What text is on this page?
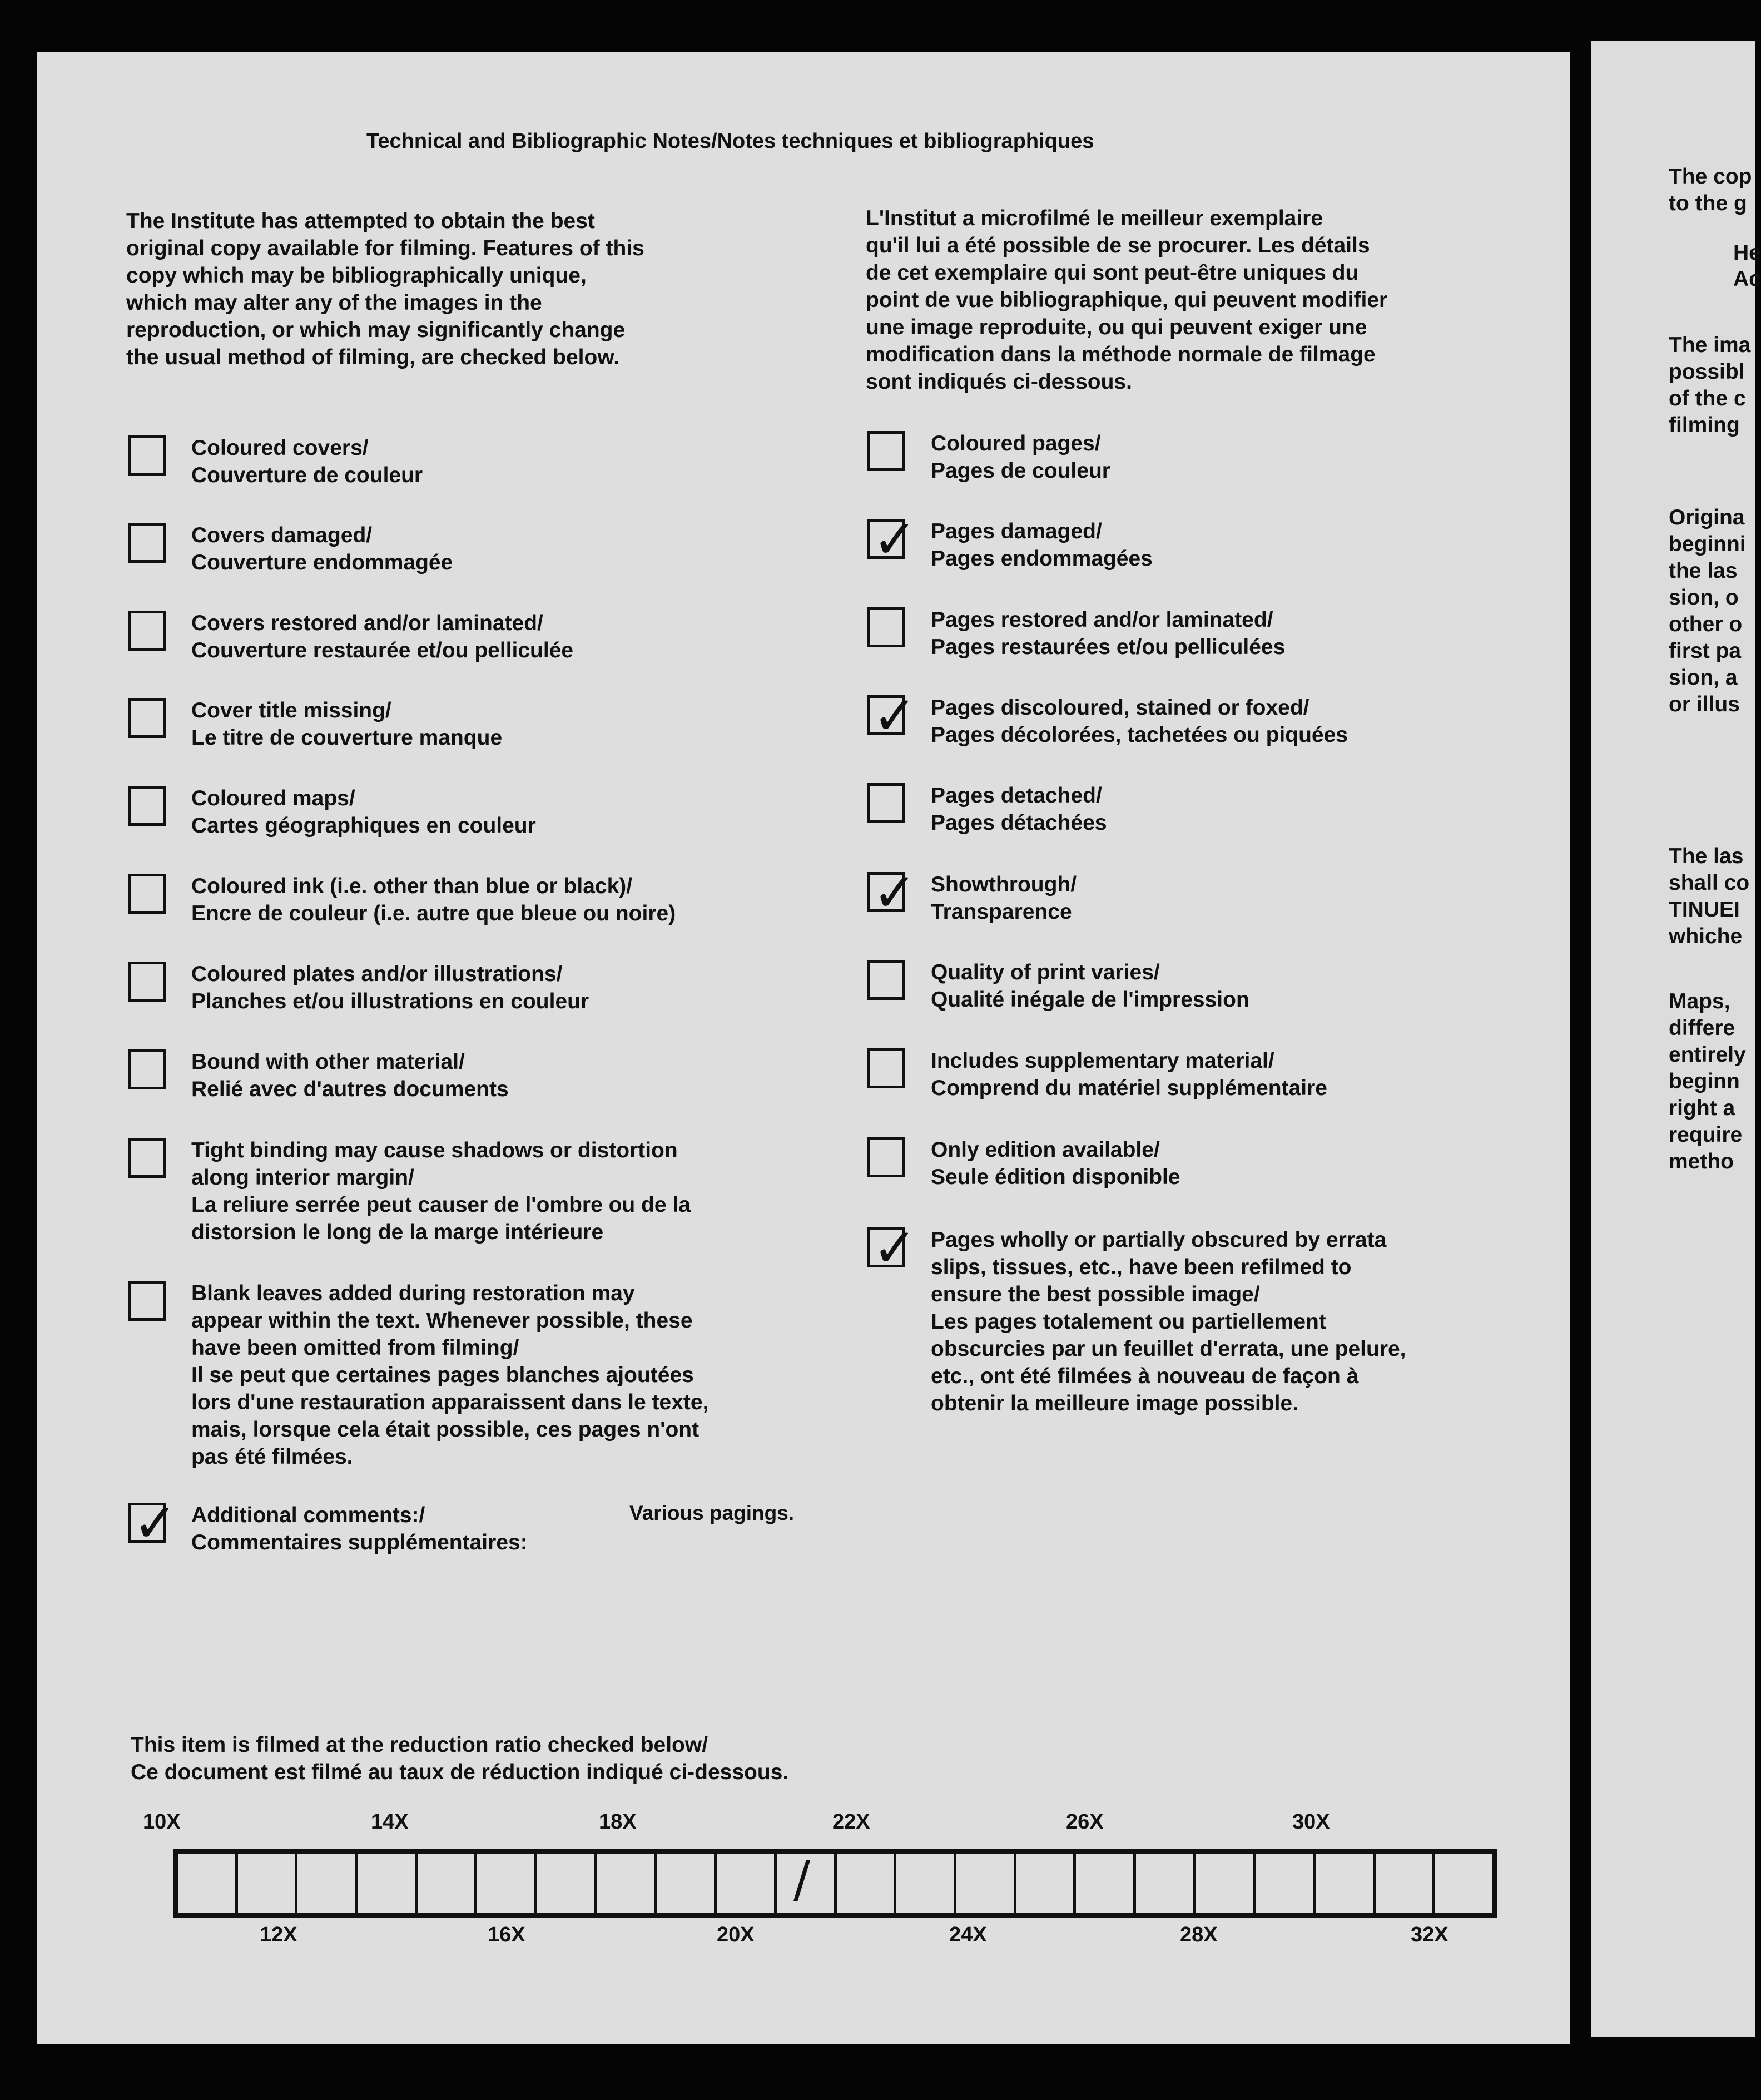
Technical and Bibliographic Notes/Notes techniques et bibliographiques
The Institute has attempted to obtain the best
original copy available for filming. Features of this
copy which may be bibliographically unique,
which may alter any of the images in the
reproduction, or which may significantly change
the usual method of filming, are checked below.
L'Institut a microfilmé le meilleur exemplaire
qu'il lui a été possible de se procurer. Les détails
de cet exemplaire qui sont peut-être uniques du
point de vue bibliographique, qui peuvent modifier
une image reproduite, ou qui peuvent exiger une
modification dans la méthode normale de filmage
sont indiqués ci-dessous.
Coloured covers/
Couverture de couleur
Covers damaged/
Couverture endommagée
Covers restored and/or laminated/
Couverture restaurée et/ou pelliculée
Cover title missing/
Le titre de couverture manque
Coloured maps/
Cartes géographiques en couleur
Coloured ink (i.e. other than blue or black)/
Encre de couleur (i.e. autre que bleue ou noire)
Coloured plates and/or illustrations/
Planches et/ou illustrations en couleur
Bound with other material/
Relié avec d'autres documents
Tight binding may cause shadows or distortion
along interior margin/
La reliure serrée peut causer de l'ombre ou de la
distorsion le long de la marge intérieure
Blank leaves added during restoration may
appear within the text. Whenever possible, these
have been omitted from filming/
Il se peut que certaines pages blanches ajoutées
lors d'une restauration apparaissent dans le texte,
mais, lorsque cela était possible, ces pages n'ont
pas été filmées.
✓ Additional comments:/
Commentaires supplémentaires:
Coloured pages/
Pages de couleur
✓ Pages damaged/
Pages endommagées
Pages restored and/or laminated/
Pages restaurées et/ou pelliculées
✓ Pages discoloured, stained or foxed/
Pages décolorées, tachetées ou piquées
Pages detached/
Pages détachées
✓ Showthrough/
Transparence
Quality of print varies/
Qualité inégale de l'impression
Includes supplementary material/
Comprend du matériel supplémentaire
Only edition available/
Seule édition disponible
✓ Pages wholly or partially obscured by errata
slips, tissues, etc., have been refilmed to
ensure the best possible image/
Les pages totalement ou partiellement
obscurcies par un feuillet d'errata, une pelure,
etc., ont été filmées à nouveau de façon à
obtenir la meilleure image possible.
Various pagings.
This item is filmed at the reduction ratio checked below/
Ce document est filmé au taux de réduction indiqué ci-dessous.
10X	14X	18X	22X	26X	30X
/
12X	16X	20X	24X	28X	32X
The cop
to the g
He
Ac
The ima
possibl
of the c
filming
Origina
beginni
the las
sion, o
other o
first pa
sion, a
or illus
The las
shall co
TINUEI
whiche
Maps,
differe
entirely
beginn
right a
require
metho
